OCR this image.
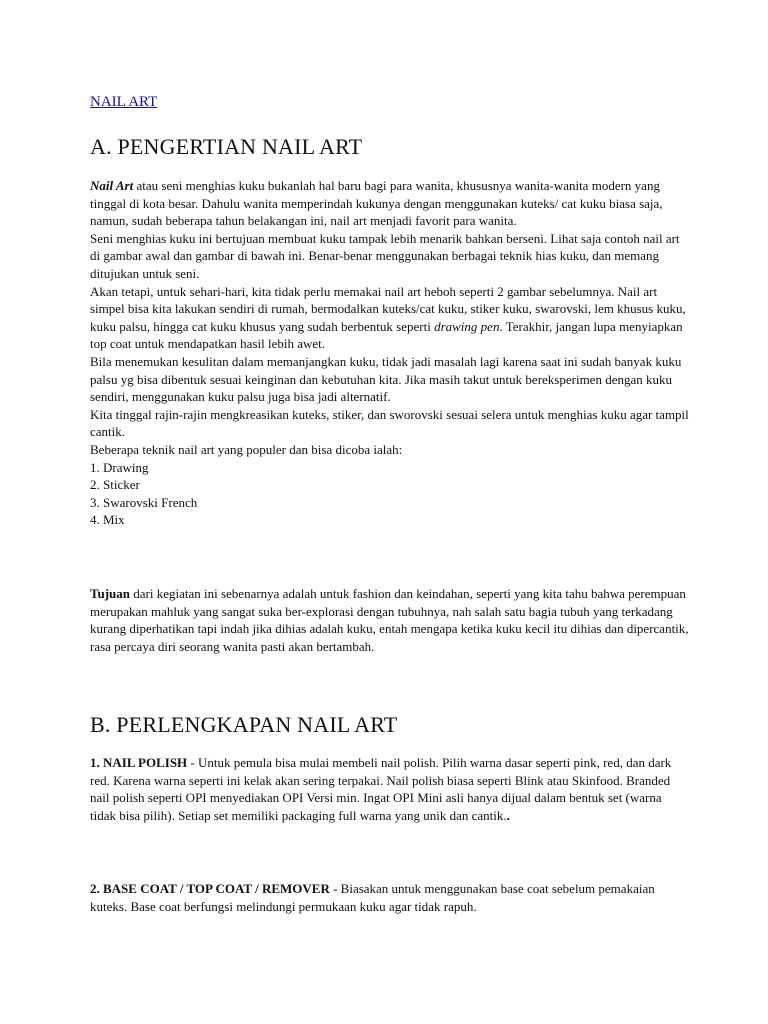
NAIL ART
A. PENGERTIAN NAIL ART

Nail Art atau seni menghias kuku bukanlah hal baru bagi para wanita, khususnya wanita-wanita modern yang tinggal di kota besar. Dahulu wanita memperindah kukunya dengan menggunakan kuteks/ cat kuku biasa saja, namun, sudah beberapa tahun belakangan ini, nail art menjadi favorit para wanita.

Seni menghias kuku ini bertujuan membuat kuku tampak lebih menarik bahkan berseni. Lihat saja contoh nail art di gambar awal dan gambar di bawah ini. Benar-benar menggunakan berbagai teknik hias kuku, dan memang ditujukan untuk seni.

Akan tetapi, untuk sehari-hari, kita tidak perlu memakai nail art heboh seperti 2 gambar sebelumnya. Nail art simpel bisa kita lakukan sendiri di rumah, bermodalkan kuteks/cat kuku, stiker kuku, swarovski, lem khusus kuku, kuku palsu, hingga cat kuku khusus yang sudah berbentuk seperti drawing pen. Terakhir, jangan lupa menyiapkan top coat untuk mendapatkan hasil lebih awet.

Bila menemukan kesulitan dalam memanjangkan kuku, tidak jadi masalah lagi karena saat ini sudah banyak kuku palsu yg bisa dibentuk sesuai keinginan dan kebutuhan kita. Jika masih takut untuk bereksperimen dengan kuku sendiri, menggunakan kuku palsu juga bisa jadi alternatif.

Kita tinggal rajin-rajin mengkreasikan kuteks, stiker, dan sworovski sesuai selera untuk menghias kuku agar tampil cantik.

Beberapa teknik nail art yang populer dan bisa dicoba ialah:

1. Drawing

2. Sticker

3. Swarovski French

4. Mix

Tujuan dari kegiatan ini sebenarnya adalah untuk fashion dan keindahan, seperti yang kita tahu bahwa perempuan merupakan mahluk yang sangat suka ber-explorasi dengan tubuhnya, nah salah satu bagia tubuh yang terkadang kurang diperhatikan tapi indah jika dihias adalah kuku, entah mengapa ketika kuku kecil itu dihias dan dipercantik, rasa percaya diri seorang wanita pasti akan bertambah.

B. PERLENGKAPAN NAIL ART

1. NAIL POLISH - Untuk pemula bisa mulai membeli nail polish. Pilih warna dasar seperti pink, red, dan dark red. Karena warna seperti ini kelak akan sering terpakai. Nail polish biasa seperti Blink atau Skinfood. Branded nail polish seperti OPI menyediakan OPI Versi min. Ingat OPI Mini asli hanya dijual dalam bentuk set (warna tidak bisa pilih). Setiap set memiliki packaging full warna yang unik dan cantik..

2. BASE COAT / TOP COAT / REMOVER - Biasakan untuk menggunakan base coat sebelum pemakaian kuteks. Base coat berfungsi melindungi permukaan kuku agar tidak rapuh.
